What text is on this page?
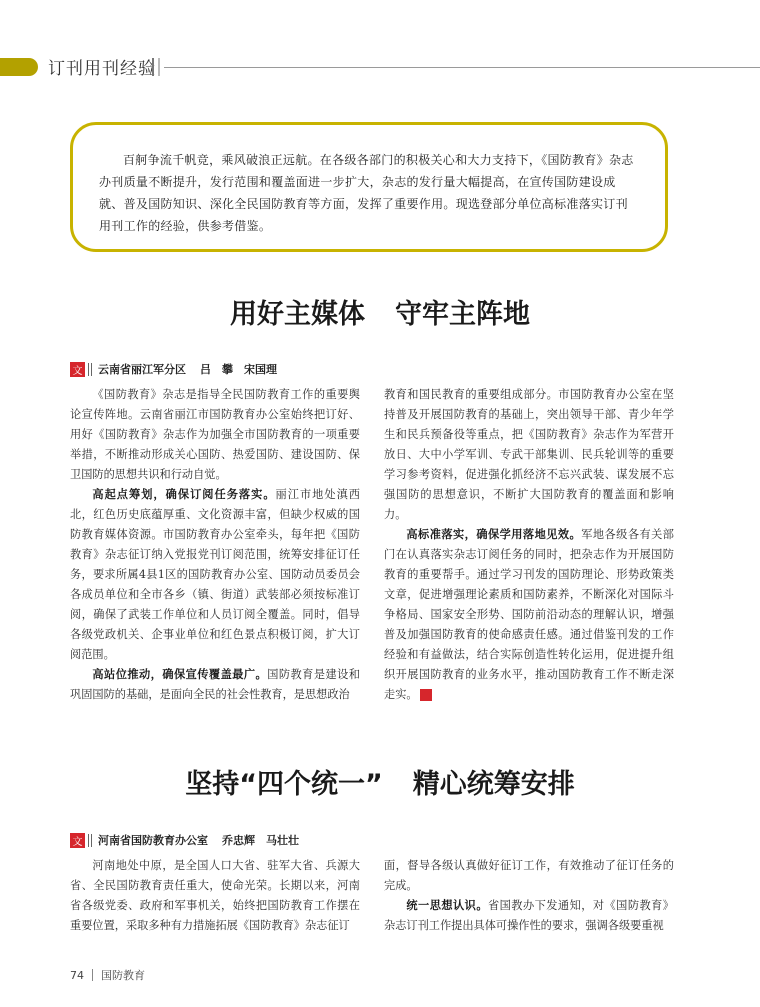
订刊用刊经验

百舸争流千帆竞，乘风破浪正远航。在各级各部门的积极关心和大力支持下，《国防教育》杂志办刊质量不断提升，发行范围和覆盖面进一步扩大，杂志的发行量大幅提高，在宣传国防建设成就、普及国防知识、深化全民国防教育等方面，发挥了重要作用。现选登部分单位高标准落实订刊用刊工作的经验，供参考借鉴。

用好主媒体 守牢主阵地
文 云南省丽江军分区 吕　攀　宋国理

《国防教育》杂志是指导全民国防教育工作的重要舆论宣传阵地。云南省丽江市国防教育办公室始终把订好、用好《国防教育》杂志作为加强全市国防教育的一项重要举措，不断推动形成关心国防、热爱国防、建设国防、保卫国防的思想共识和行动自觉。

高起点筹划，确保订阅任务落实。丽江市地处滇西北，红色历史底蕴厚重、文化资源丰富，但缺少权威的国防教育媒体资源。市国防教育办公室牵头，每年把《国防教育》杂志征订纳入党报党刊订阅范围，统筹安排征订任务，要求所属4县1区的国防教育办公室、国防动员委员会各成员单位和全市各乡（镇、街道）武装部必须按标准订阅，确保了武装工作单位和人员订阅全覆盖。同时，倡导各级党政机关、企事业单位和红色景点积极订阅，扩大订阅范围。

高站位推动，确保宣传覆盖最广。国防教育是建设和巩固国防的基础，是面向全民的社会性教育，是思想政治

教育和国民教育的重要组成部分。市国防教育办公室在坚持普及开展国防教育的基础上，突出领导干部、青少年学生和民兵预备役等重点，把《国防教育》杂志作为军营开放日、大中小学军训、专武干部集训、民兵轮训等的重要学习参考资料，促进强化抓经济不忘兴武装、谋发展不忘强国防的思想意识，不断扩大国防教育的覆盖面和影响力。

高标准落实，确保学用落地见效。军地各级各有关部门在认真落实杂志订阅任务的同时，把杂志作为开展国防教育的重要帮手。通过学习刊发的国防理论、形势政策类文章，促进增强理论素质和国防素养，不断深化对国际斗争格局、国家安全形势、国防前沿动态的理解认识，增强普及加强国防教育的使命感责任感。通过借鉴刊发的工作经验和有益做法，结合实际创造性转化运用，促进提升组织开展国防教育的业务水平，推动国防教育工作不断走深走实。	G

坚持“四个统一” 精心统筹安排
文 河南省国防教育办公室 乔忠辉　马壮壮

河南地处中原，是全国人口大省、驻军大省、兵源大省、全民国防教育责任重大，使命光荣。长期以来，河南省各级党委、政府和军事机关，始终把国防教育工作摆在重要位置，采取多种有力措施拓展《国防教育》杂志征订

面，督导各级认真做好征订工作，有效推动了征订任务的完成。

统一思想认识。省国教办下发通知，对《国防教育》杂志订刊工作提出具体可操作性的要求，强调各级要重视

74 国防教育
